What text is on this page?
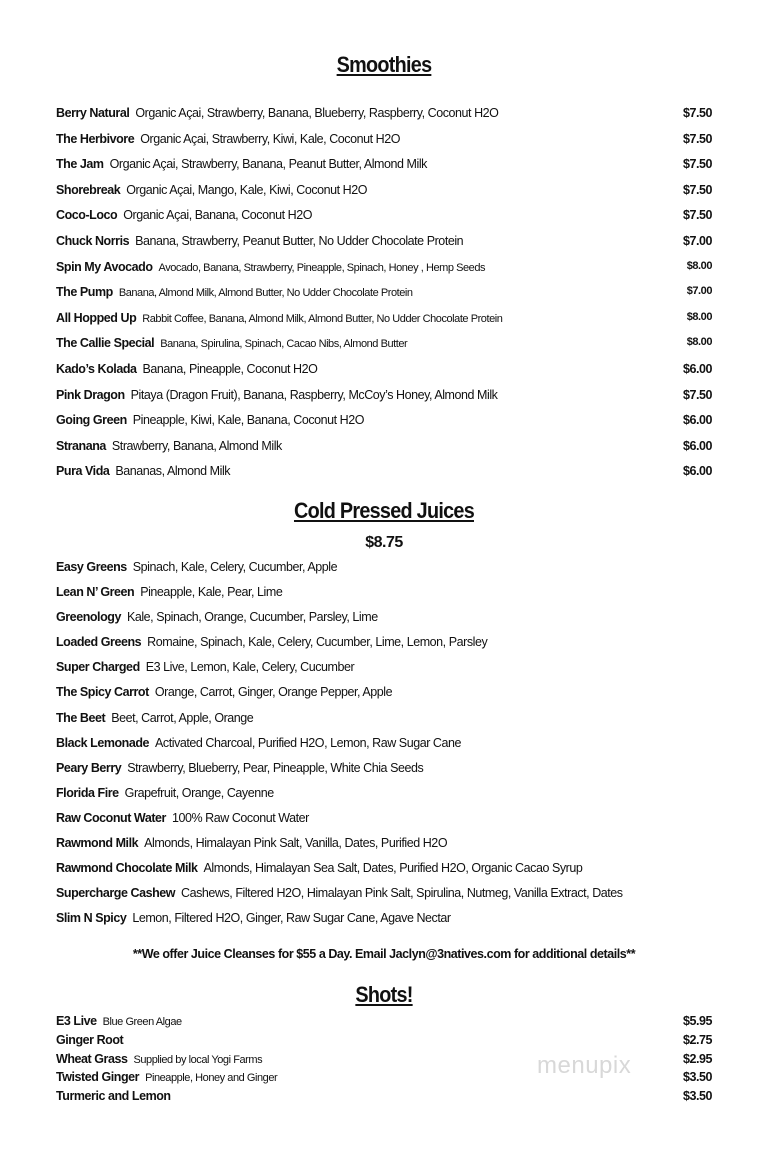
Smoothies
Berry Natural Organic Açai, Strawberry, Banana, Blueberry, Raspberry, Coconut H2O	$7.50
The Herbivore Organic Açai, Strawberry, Kiwi, Kale, Coconut H2O	$7.50
The Jam Organic Açai, Strawberry, Banana, Peanut Butter, Almond Milk	$7.50
Shorebreak Organic Açai, Mango, Kale, Kiwi, Coconut H2O	$7.50
Coco-Loco Organic Açai, Banana, Coconut H2O	$7.50
Chuck Norris Banana, Strawberry, Peanut Butter, No Udder Chocolate Protein	$7.00
Spin My Avocado Avocado, Banana, Strawberry, Pineapple, Spinach, Honey , Hemp Seeds	$8.00
The Pump Banana, Almond Milk, Almond Butter, No Udder Chocolate Protein	$7.00
All Hopped Up Rabbit Coffee, Banana, Almond Milk, Almond Butter, No Udder Chocolate Protein	$8.00
The Callie Special Banana, Spirulina, Spinach, Cacao Nibs, Almond Butter	$8.00
Kado’s Kolada Banana, Pineapple, Coconut H2O	$6.00
Pink Dragon Pitaya (Dragon Fruit), Banana, Raspberry, McCoy’s Honey, Almond Milk	$7.50
Going Green Pineapple, Kiwi, Kale, Banana, Coconut H2O	$6.00
Stranana Strawberry, Banana, Almond Milk	$6.00
Pura Vida Bananas, Almond Milk	$6.00
Cold Pressed Juices
$8.75
Easy Greens Spinach, Kale, Celery, Cucumber, Apple
Lean N’ Green Pineapple, Kale, Pear, Lime
Greenology Kale, Spinach, Orange, Cucumber, Parsley, Lime
Loaded Greens Romaine, Spinach, Kale, Celery, Cucumber, Lime, Lemon, Parsley
Super Charged E3 Live, Lemon, Kale, Celery, Cucumber
The Spicy Carrot Orange, Carrot, Ginger, Orange Pepper, Apple
The Beet Beet, Carrot, Apple, Orange
Black Lemonade Activated Charcoal, Purified H2O, Lemon, Raw Sugar Cane
Peary Berry Strawberry, Blueberry, Pear, Pineapple, White Chia Seeds
Florida Fire Grapefruit, Orange, Cayenne
Raw Coconut Water 100% Raw Coconut Water
Rawmond Milk Almonds, Himalayan Pink Salt, Vanilla, Dates, Purified H2O
Rawmond Chocolate Milk Almonds, Himalayan Sea Salt, Dates, Purified H2O, Organic Cacao Syrup
Supercharge Cashew Cashews, Filtered H2O, Himalayan Pink Salt, Spirulina, Nutmeg, Vanilla Extract, Dates
Slim N Spicy Lemon, Filtered H2O, Ginger, Raw Sugar Cane, Agave Nectar
**We offer Juice Cleanses for $55 a Day. Email Jaclyn@3natives.com for additional details**
Shots!
E3 Live Blue Green Algae	$5.95
Ginger Root	$2.75
Wheat Grass Supplied by local Yogi Farms	$2.95
Twisted Ginger Pineapple, Honey and Ginger	$3.50
Turmeric and Lemon	$3.50
menupix
